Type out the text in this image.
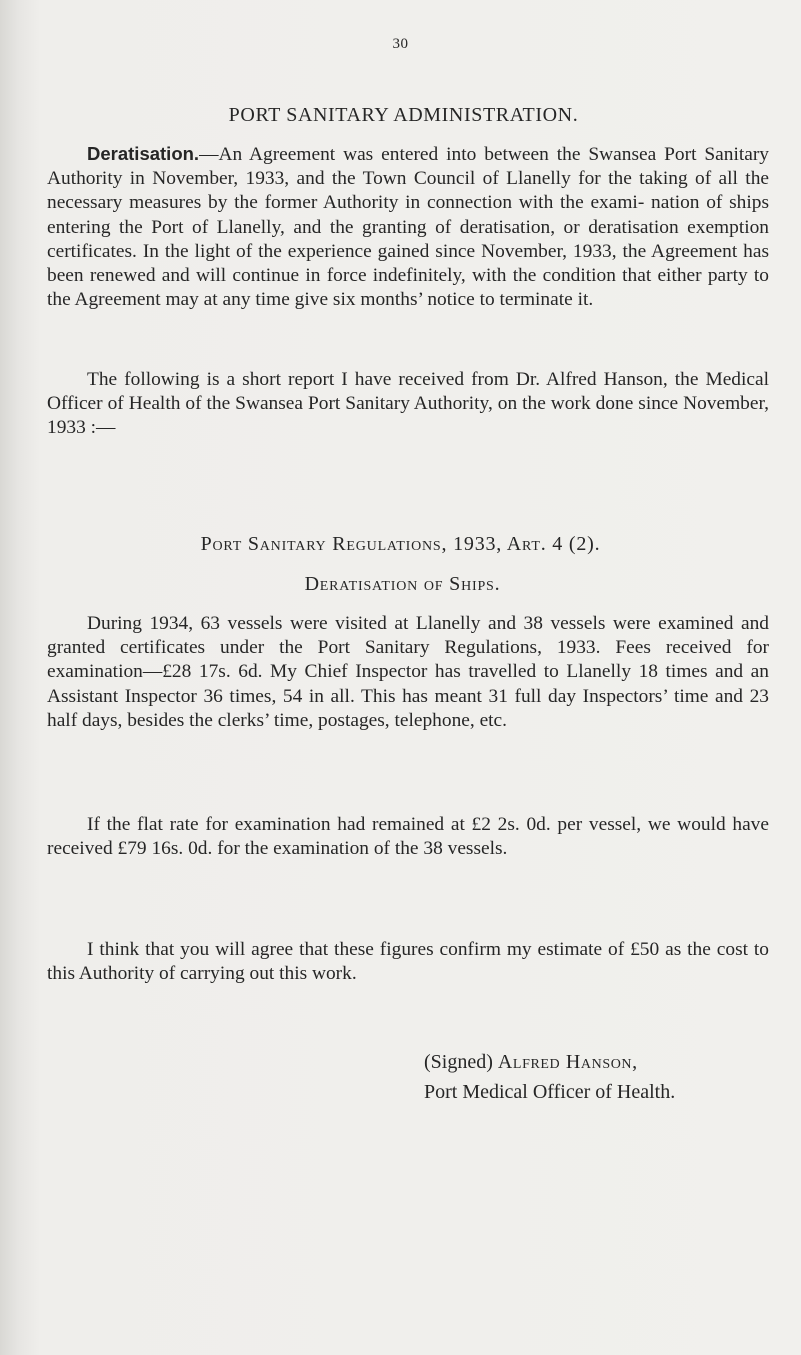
30
PORT SANITARY ADMINISTRATION.
Deratisation.—An Agreement was entered into between the Swansea Port Sanitary Authority in November, 1933, and the Town Council of Llanelly for the taking of all the necessary measures by the former Authority in connection with the exami- nation of ships entering the Port of Llanelly, and the granting of deratisation, or deratisation exemption certificates. In the light of the experience gained since November, 1933, the Agreement has been renewed and will continue in force indefinitely, with the condition that either party to the Agreement may at any time give six months’ notice to terminate it.
The following is a short report I have received from Dr. Alfred Hanson, the Medical Officer of Health of the Swansea Port Sanitary Authority, on the work done since November, 1933 :—
Port Sanitary Regulations, 1933, Art. 4 (2).
Deratisation of Ships.
During 1934, 63 vessels were visited at Llanelly and 38 vessels were examined and granted certificates under the Port Sanitary Regulations, 1933. Fees received for examination—£28 17s. 6d. My Chief Inspector has travelled to Llanelly 18 times and an Assistant Inspector 36 times, 54 in all. This has meant 31 full day Inspectors’ time and 23 half days, besides the clerks’ time, postages, telephone, etc.
If the flat rate for examination had remained at £2 2s. 0d. per vessel, we would have received £79 16s. 0d. for the examination of the 38 vessels.
I think that you will agree that these figures confirm my estimate of £50 as the cost to this Authority of carrying out this work.
(Signed) Alfred Hanson,
Port Medical Officer of Health.
